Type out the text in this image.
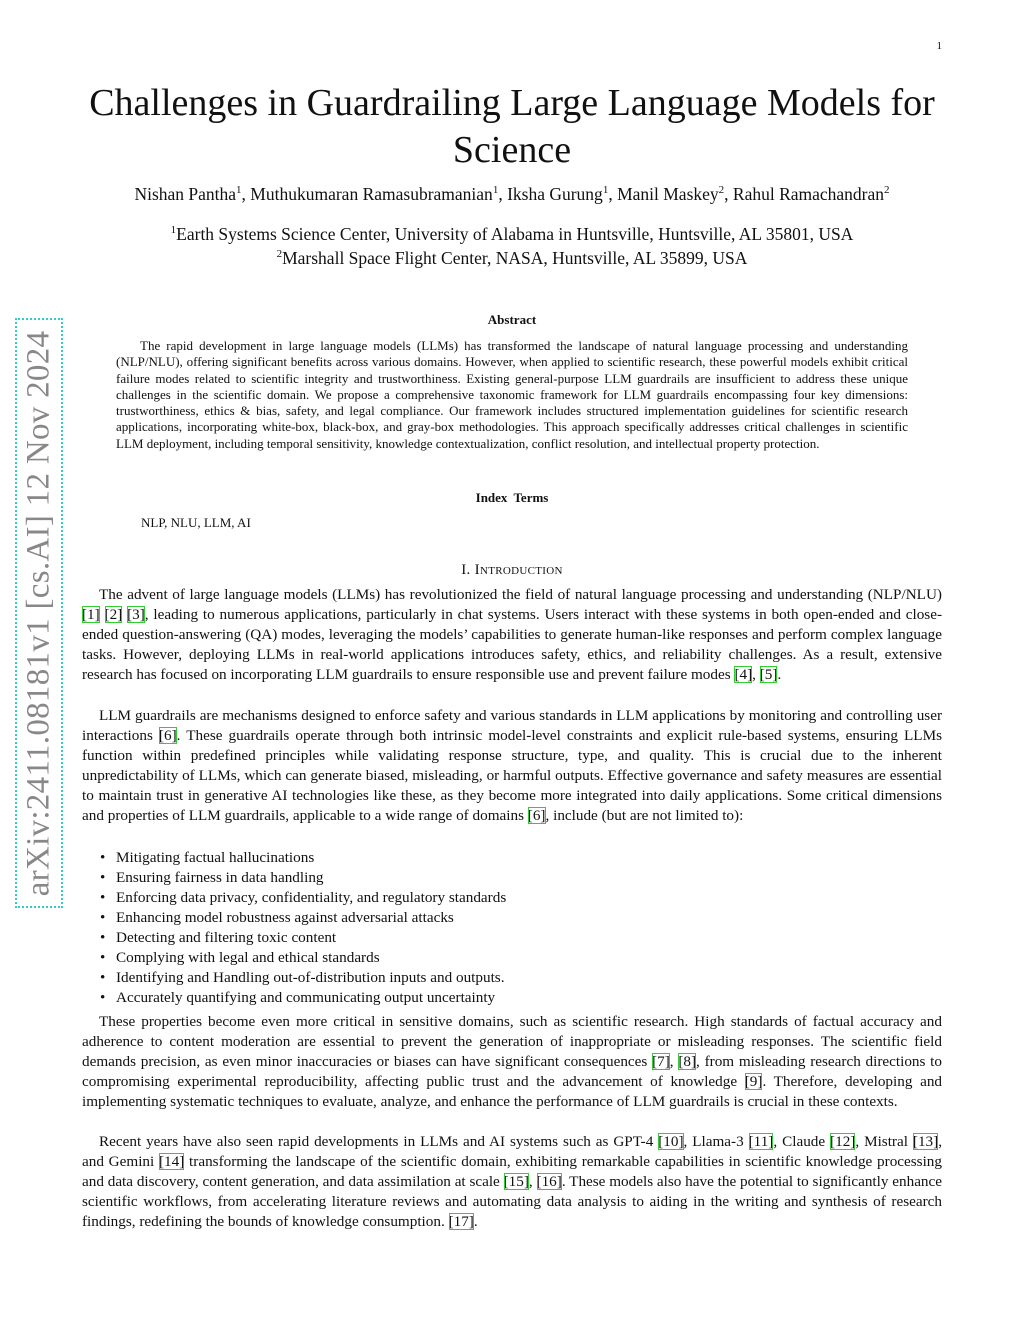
1
Challenges in Guardrailing Large Language Models for Science
Nishan Pantha$^1$, Muthukumaran Ramasubramanian$^1$, Iksha Gurung$^1$, Manil Maskey$^2$, Rahul Ramachandran$^2$
$^1$Earth Systems Science Center, University of Alabama in Huntsville, Huntsville, AL 35801, USA
$^2$Marshall Space Flight Center, NASA, Huntsville, AL 35899, USA
arXiv:2411.08181v1 [cs.AI] 12 Nov 2024
Abstract

The rapid development in large language models (LLMs) has transformed the landscape of natural language processing and understanding (NLP/NLU), offering significant benefits across various domains. However, when applied to scientific research, these powerful models exhibit critical failure modes related to scientific integrity and trustworthiness. Existing general-purpose LLM guardrails are insufficient to address these unique challenges in the scientific domain. We propose a comprehensive taxonomic framework for LLM guardrails encompassing four key dimensions: trustworthiness, ethics & bias, safety, and legal compliance. Our framework includes structured implementation guidelines for scientific research applications, incorporating white-box, black-box, and gray-box methodologies. This approach specifically addresses critical challenges in scientific LLM deployment, including temporal sensitivity, knowledge contextualization, conflict resolution, and intellectual property protection.

Index Terms
NLP, NLU, LLM, AI
I. Introduction

The advent of large language models (LLMs) has revolutionized the field of natural language processing and understanding (NLP/NLU) [1] [2] [3], leading to numerous applications, particularly in chat systems. Users interact with these systems in both open-ended and close-ended question-answering (QA) modes, leveraging the models’ capabilities to generate human-like responses and perform complex language tasks. However, deploying LLMs in real-world applications introduces safety, ethics, and reliability challenges. As a result, extensive research has focused on incorporating LLM guardrails to ensure responsible use and prevent failure modes [4], [5].

LLM guardrails are mechanisms designed to enforce safety and various standards in LLM applications by monitoring and controlling user interactions [6]. These guardrails operate through both intrinsic model-level constraints and explicit rule-based systems, ensuring LLMs function within predefined principles while validating response structure, type, and quality. This is crucial due to the inherent unpredictability of LLMs, which can generate biased, misleading, or harmful outputs. Effective governance and safety measures are essential to maintain trust in generative AI technologies like these, as they become more integrated into daily applications. Some critical dimensions and properties of LLM guardrails, applicable to a wide range of domains [6], include (but are not limited to):

• Mitigating factual hallucinations
• Ensuring fairness in data handling
• Enforcing data privacy, confidentiality, and regulatory standards
• Enhancing model robustness against adversarial attacks
• Detecting and filtering toxic content
• Complying with legal and ethical standards
• Identifying and Handling out-of-distribution inputs and outputs.
• Accurately quantifying and communicating output uncertainty

These properties become even more critical in sensitive domains, such as scientific research. High standards of factual accuracy and adherence to content moderation are essential to prevent the generation of inappropriate or misleading responses. The scientific field demands precision, as even minor inaccuracies or biases can have significant consequences [7], [8], from misleading research directions to compromising experimental reproducibility, affecting public trust and the advancement of knowledge [9]. Therefore, developing and implementing systematic techniques to evaluate, analyze, and enhance the performance of LLM guardrails is crucial in these contexts.

Recent years have also seen rapid developments in LLMs and AI systems such as GPT-4 [10], Llama-3 [11], Claude [12], Mistral [13], and Gemini [14] transforming the landscape of the scientific domain, exhibiting remarkable capabilities in scientific knowledge processing and data discovery, content generation, and data assimilation at scale [15], [16]. These models also have the potential to significantly enhance scientific workflows, from accelerating literature reviews and automating data analysis to aiding in the writing and synthesis of research findings, redefining the bounds of knowledge consumption. [17].
